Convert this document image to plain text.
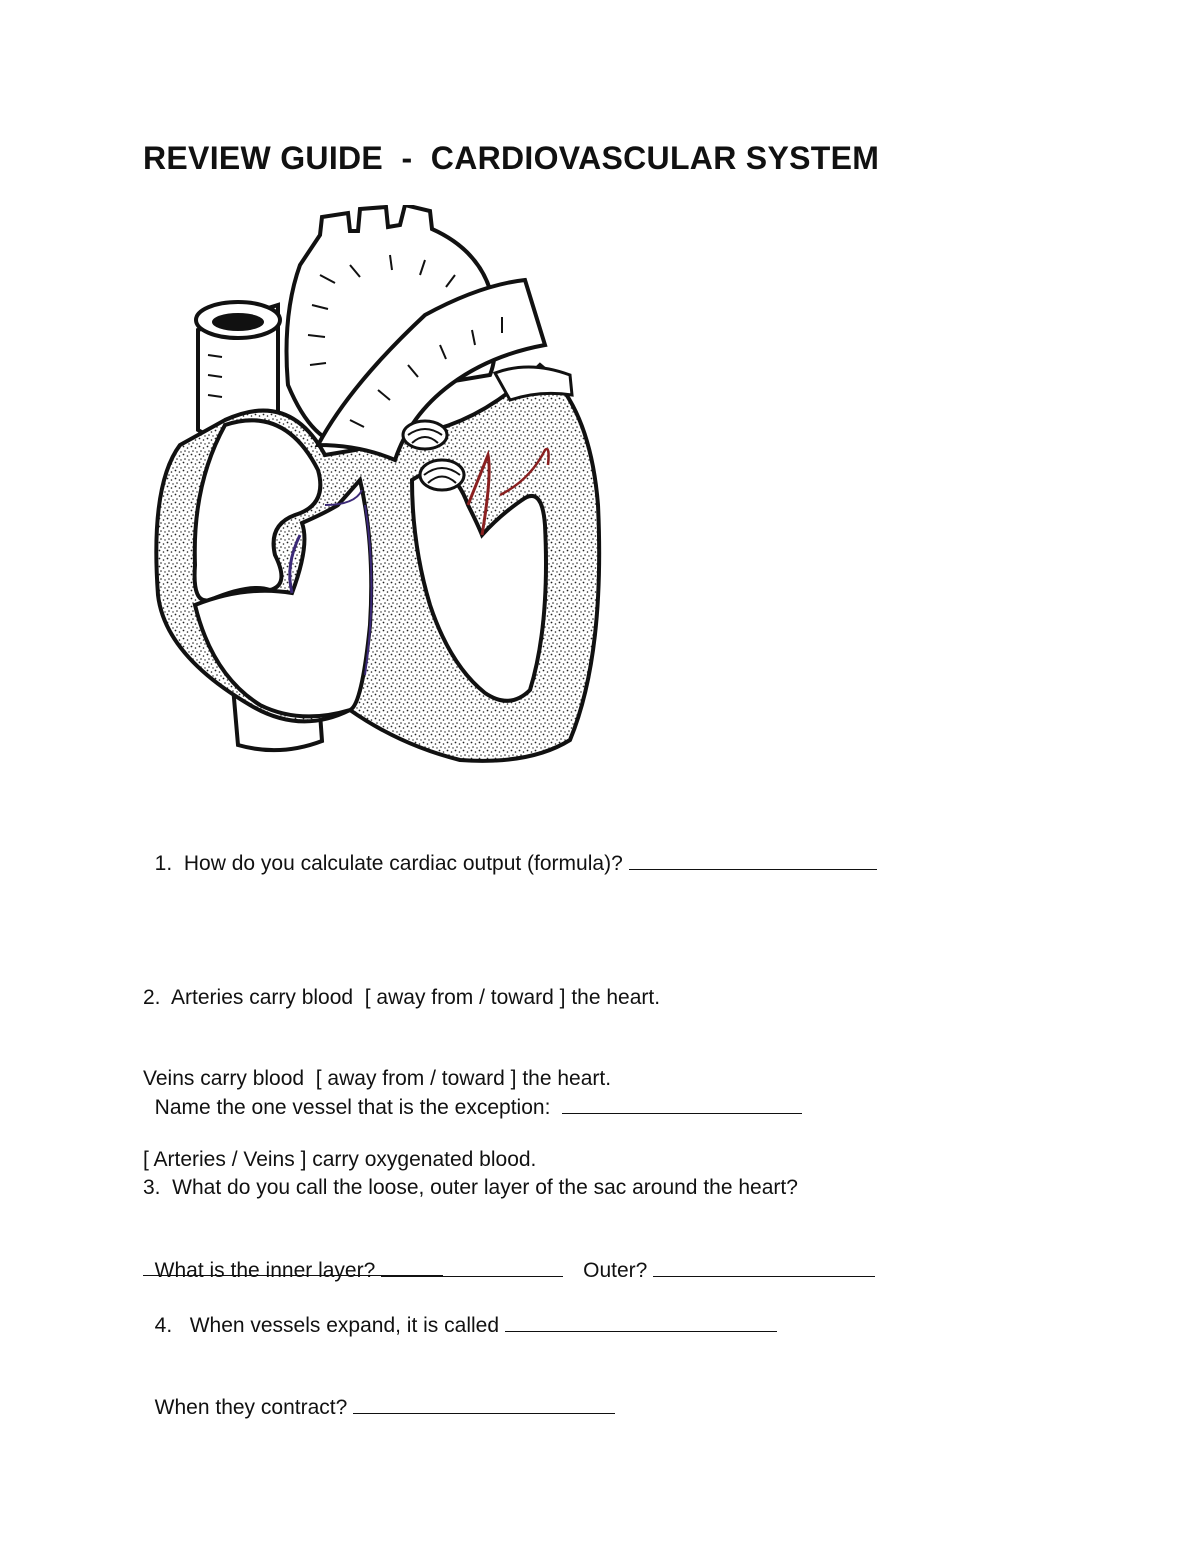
REVIEW GUIDE  -  CARDIOVASCULAR SYSTEM

1.  How do you calculate cardiac output (formula)?

2.  Arteries carry blood  [ away from / toward ] the heart.

Veins carry blood  [ away from / toward ] the heart.

[ Arteries / Veins ] carry oxygenated blood.

Name the one vessel that is the exception:

3.  What do you call the loose, outer layer of the sac around the heart?

What is the inner layer?	Outer?

4.   When vessels expand, it is called

When they contract?
